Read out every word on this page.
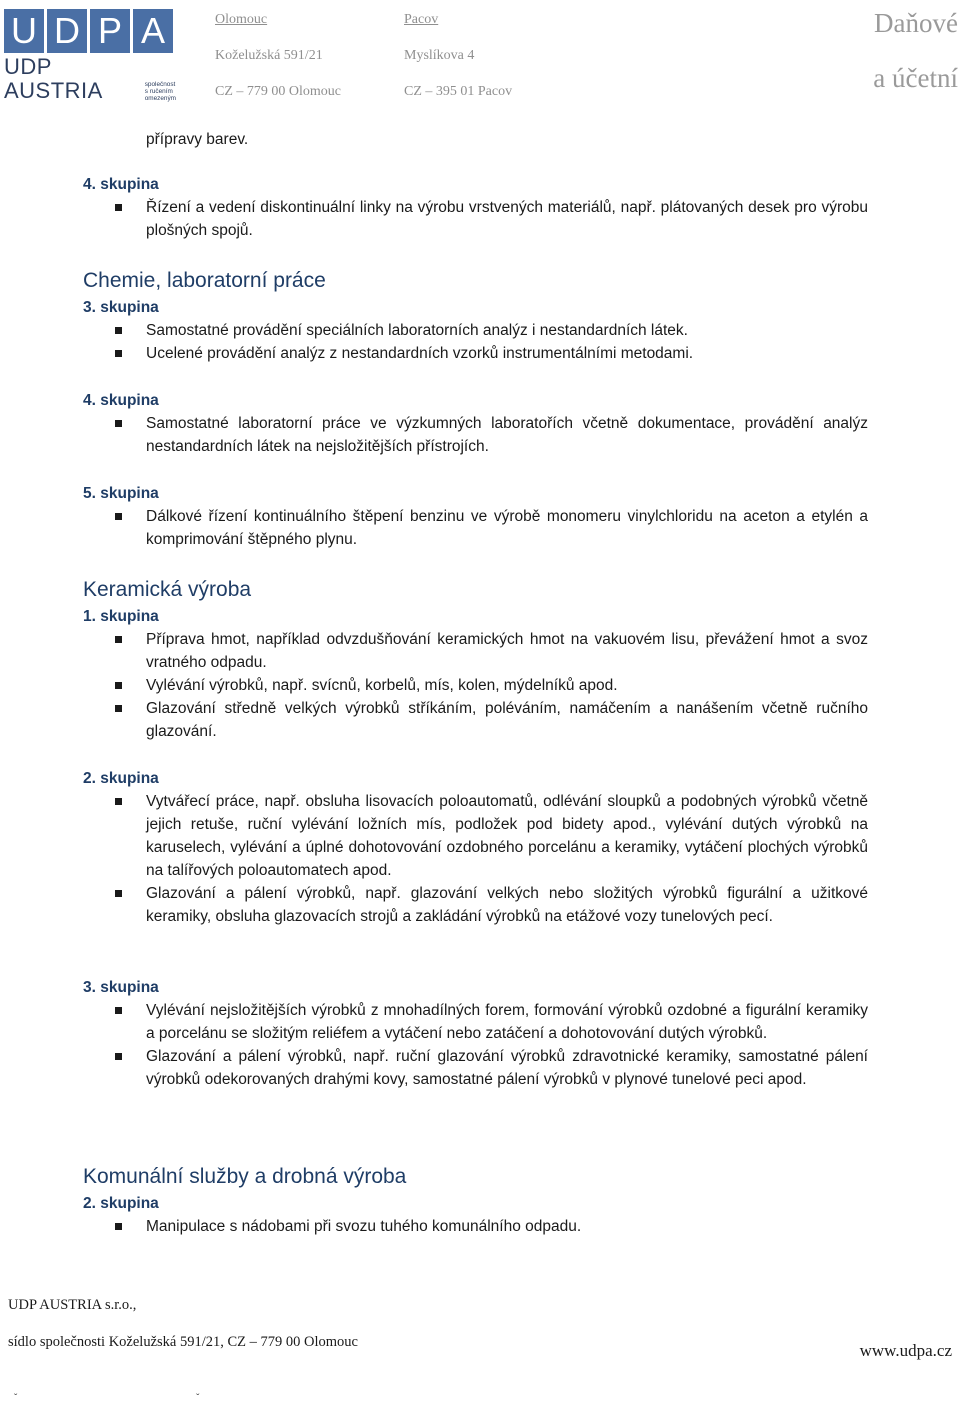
U D P A
UDP AUSTRIA	společnost
s ručením
omezeným
Olomouc
Koželužská 591/21
CZ – 779 00 Olomouc
Pacov
Myslíkova 4
CZ – 395 01 Pacov
Daňové
a účetní
přípravy barev.
4. skupina
Řízení a vedení diskontinuální linky na výrobu vrstvených materiálů, např. plátovaných desek pro výrobu plošných spojů.
Chemie, laboratorní práce
3. skupina
Samostatné provádění speciálních laboratorních analýz i nestandardních látek.
Ucelené provádění analýz z nestandardních vzorků instrumentálními metodami.
4. skupina
Samostatné laboratorní práce ve výzkumných laboratořích včetně dokumentace, provádění analýz nestandardních látek na nejsložitějších přístrojích.
5. skupina
Dálkové řízení kontinuálního štěpení benzinu ve výrobě monomeru vinylchloridu na aceton a etylén a komprimování štěpného plynu.
Keramická výroba
1. skupina
Příprava hmot, například odvzdušňování keramických hmot na vakuovém lisu, převážení hmot a svoz vratného odpadu.
Vylévání výrobků, např. svícnů, korbelů, mís, kolen, mýdelníků apod.
Glazování středně velkých výrobků stříkáním, poléváním, namáčením a nanášením včetně ručního glazování.
2. skupina
Vytvářecí práce, např. obsluha lisovacích poloautomatů, odlévání sloupků a podobných výrobků včetně jejich retuše, ruční vylévání ložních mís, podložek pod bidety apod., vylévání dutých výrobků na karuselech, vylévání a úplné dohotovování ozdobného porcelánu a keramiky, vytáčení plochých výrobků na talířových poloautomatech apod.
Glazování a pálení výrobků, např. glazování velkých nebo složitých výrobků figurální a užitkové keramiky, obsluha glazovacích strojů a zakládání výrobků na etážové vozy tunelových pecí.
3. skupina
Vylévání nejsložitějších výrobků z mnohadílných forem, formování výrobků ozdobné a figurální keramiky a porcelánu se složitým reliéfem a vytáčení nebo zatáčení a dohotovování dutých výrobků.
Glazování a pálení výrobků, např. ruční glazování výrobků zdravotnické keramiky, samostatné pálení výrobků odekorovaných drahými kovy, samostatné pálení výrobků v plynové tunelové peci apod.
Komunální služby a drobná výroba
2. skupina
Manipulace s nádobami při svozu tuhého komunálního odpadu.
UDP AUSTRIA s.r.o.,
sídlo společnosti Koželužská 591/21, CZ – 779 00 Olomouc	www.udpa.cz
ˇ ˇ
